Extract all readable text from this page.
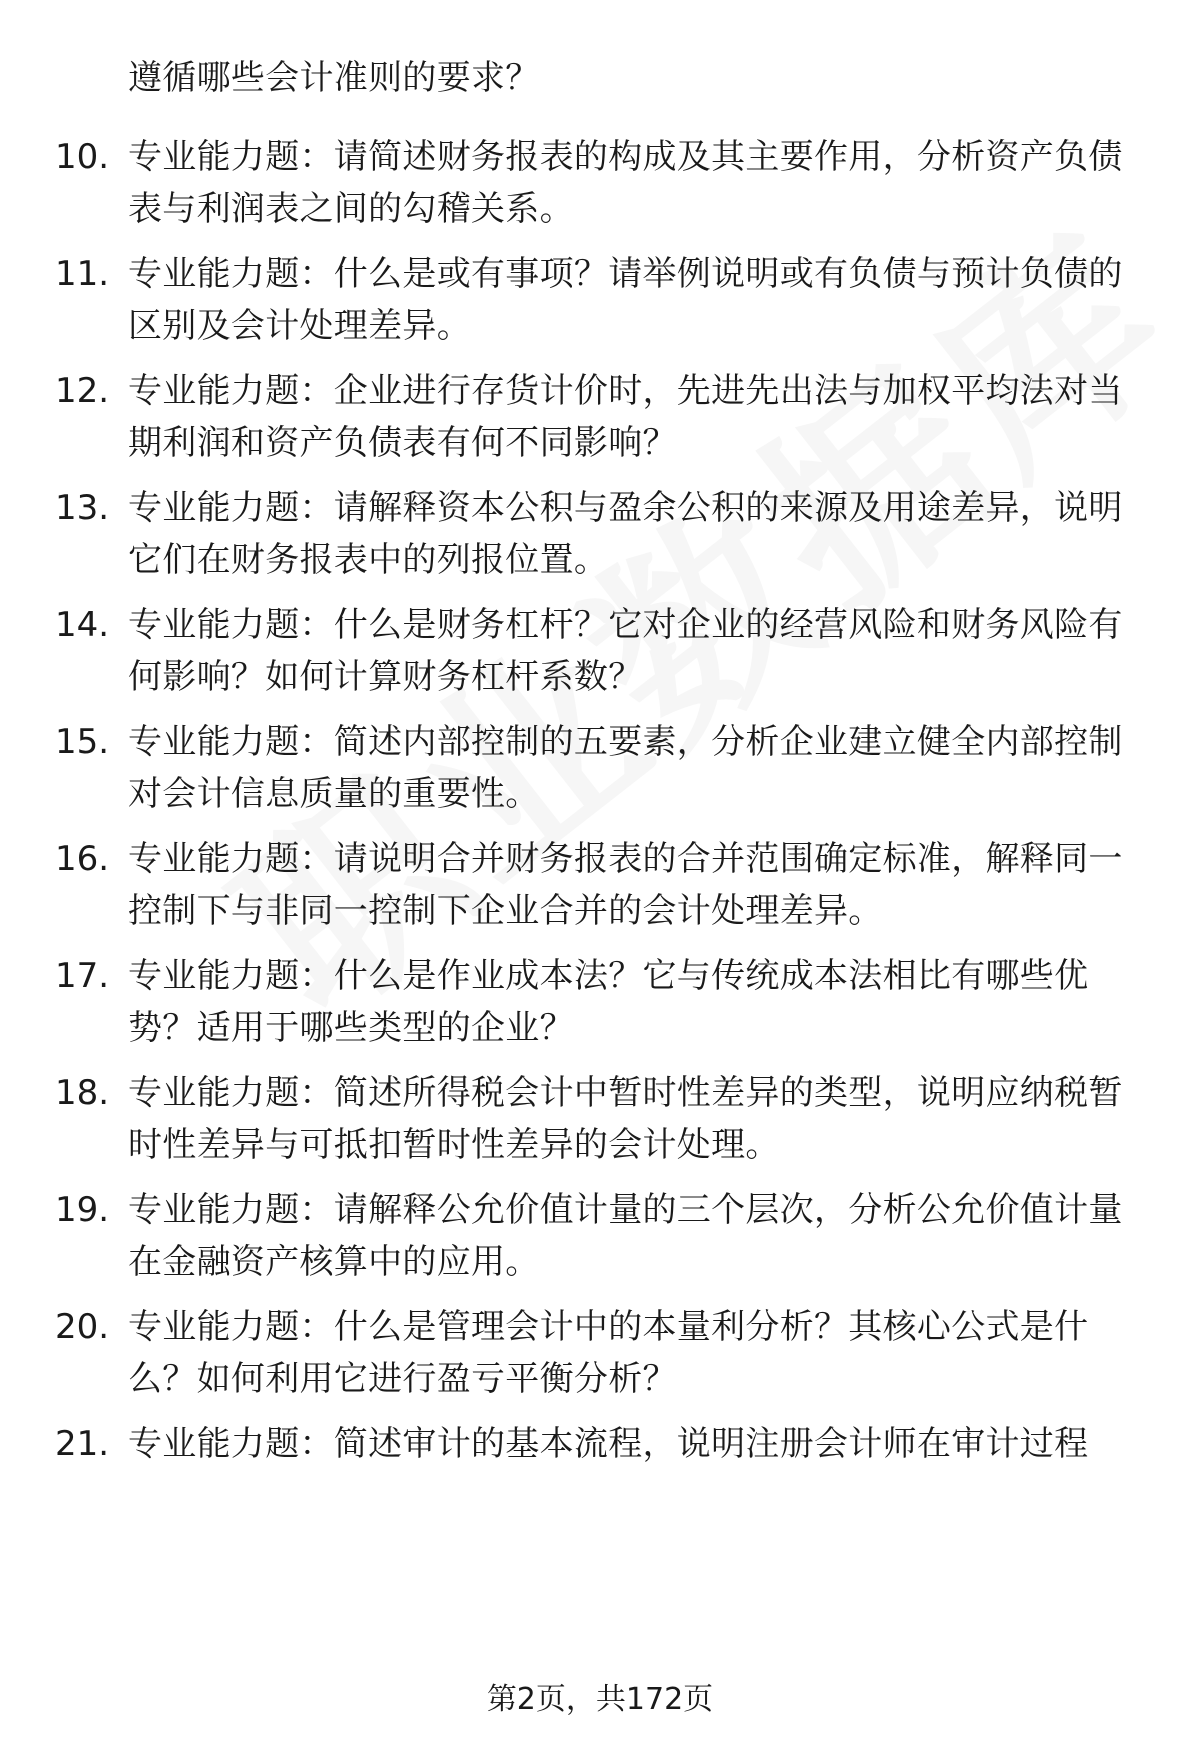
遵循哪些会计准则的要求？
10. 专业能力题：请简述财务报表的构成及其主要作用，分析资产负债表与利润表之间的勾稽关系。
11. 专业能力题：什么是或有事项？请举例说明或有负债与预计负债的区别及会计处理差异。
12. 专业能力题：企业进行存货计价时，先进先出法与加权平均法对当期利润和资产负债表有何不同影响？
13. 专业能力题：请解释资本公积与盈余公积的来源及用途差异，说明它们在财务报表中的列报位置。
14. 专业能力题：什么是财务杠杆？它对企业的经营风险和财务风险有何影响？如何计算财务杠杆系数？
15. 专业能力题：简述内部控制的五要素，分析企业建立健全内部控制对会计信息质量的重要性。
16. 专业能力题：请说明合并财务报表的合并范围确定标准，解释同一控制下与非同一控制下企业合并的会计处理差异。
17. 专业能力题：什么是作业成本法？它与传统成本法相比有哪些优势？适用于哪些类型的企业？
18. 专业能力题：简述所得税会计中暂时性差异的类型，说明应纳税暂时性差异与可抵扣暂时性差异的会计处理。
19. 专业能力题：请解释公允价值计量的三个层次，分析公允价值计量在金融资产核算中的应用。
20. 专业能力题：什么是管理会计中的本量利分析？其核心公式是什么？如何利用它进行盈亏平衡分析？
21. 专业能力题：简述审计的基本流程，说明注册会计师在审计过程
第2页，共172页
